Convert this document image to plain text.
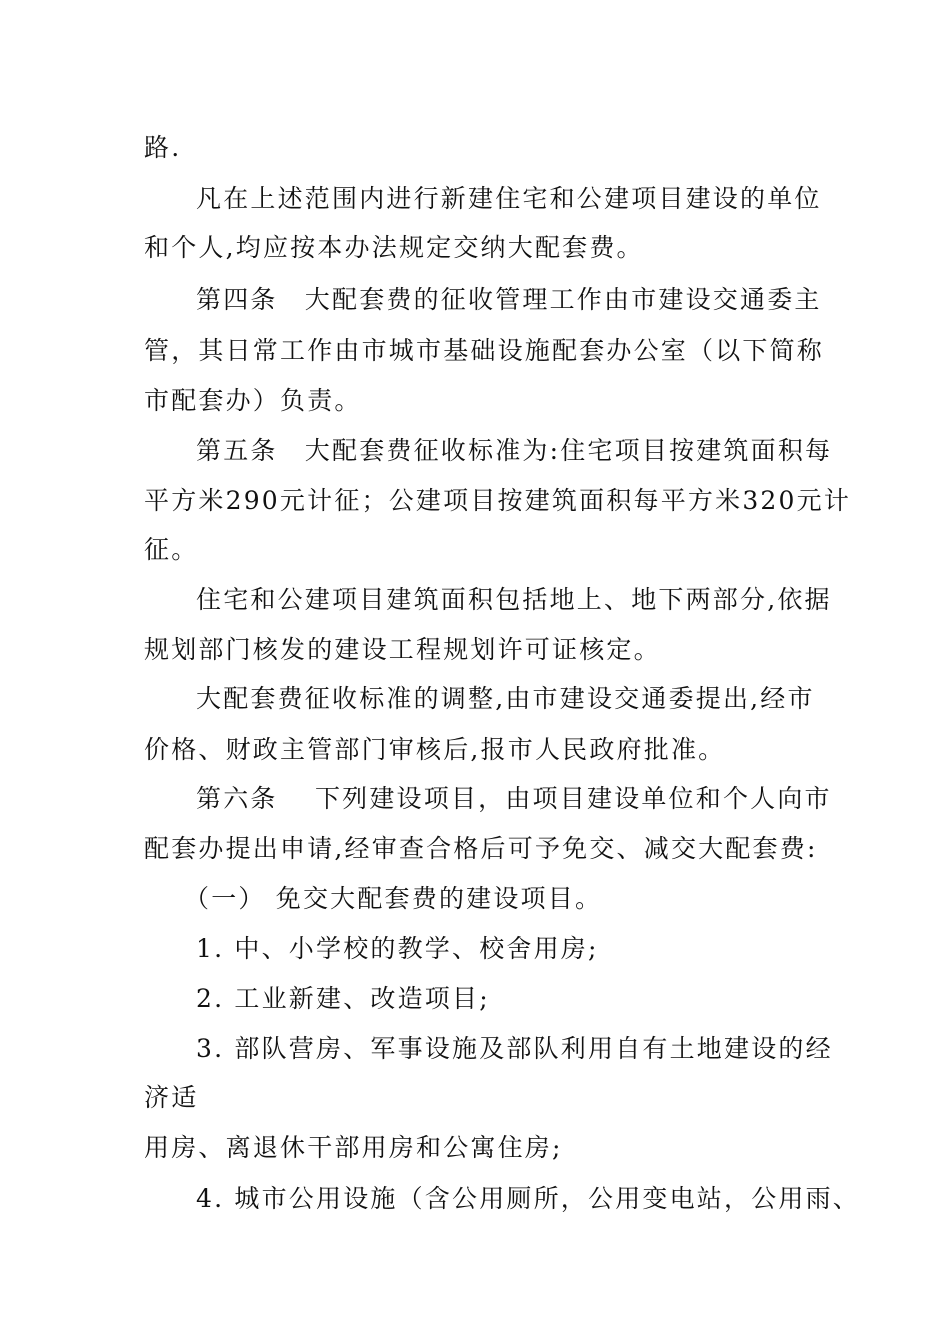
路.
凡在上述范围内进行新建住宅和公建项目建设的单位
和个人,均应按本办法规定交纳大配套费。
第四条　大配套费的征收管理工作由市建设交通委主
管，其日常工作由市城市基础设施配套办公室（以下简称
市配套办）负责。
第五条　大配套费征收标准为:住宅项目按建筑面积每
平方米290元计征；公建项目按建筑面积每平方米320元计
征。
住宅和公建项目建筑面积包括地上、地下两部分,依据
规划部门核发的建设工程规划许可证核定。
大配套费征收标准的调整,由市建设交通委提出,经市
价格、财政主管部门审核后,报市人民政府批准。
第六条　 下列建设项目，由项目建设单位和个人向市
配套办提出申请,经审查合格后可予免交、减交大配套费:
（一） 免交大配套费的建设项目。
1. 中、小学校的教学、校舍用房;
2. 工业新建、改造项目;
3. 部队营房、军事设施及部队利用自有土地建设的经
济适
用房、离退休干部用房和公寓住房;
4. 城市公用设施（含公用厕所，公用变电站，公用雨、
